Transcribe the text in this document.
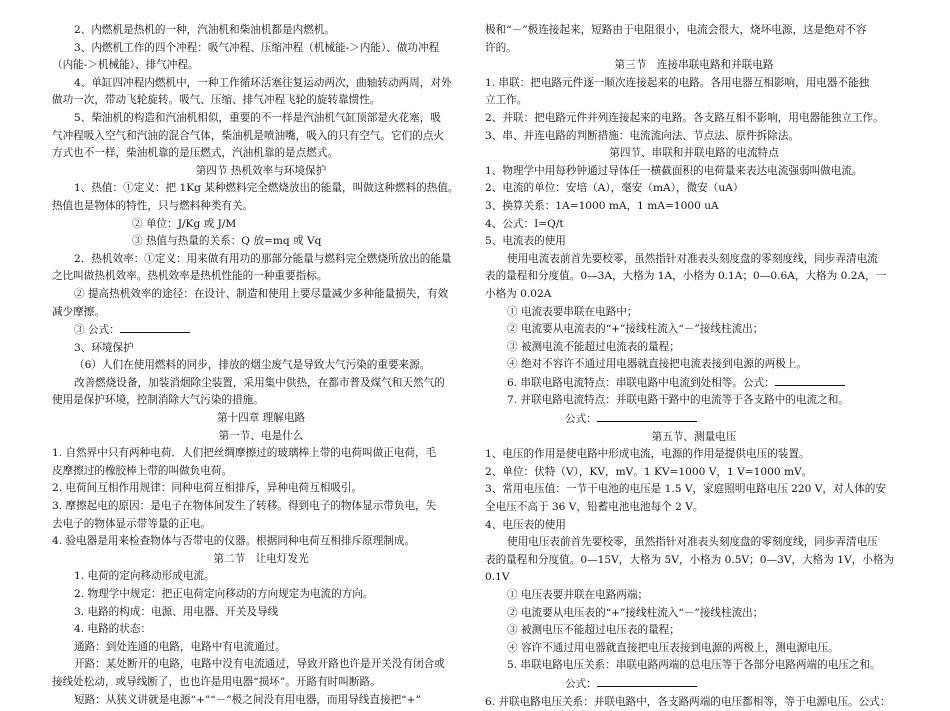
2、内燃机是热机的一种，汽油机和柴油机都是内燃机。

3、内燃机工作的四个冲程：吸气冲程、压缩冲程（机械能-＞内能）、做功冲程

（内能-＞机械能）、排气冲程。

4、单缸四冲程内燃机中，一种工作循环活塞往复运动两次，曲轴转动两周，对外

做功一次，带动飞轮旋转。吸气、压缩、排气冲程飞轮的旋转靠惯性。

5、柴油机的构造和汽油机相似，重要的不一样是汽油机气缸顶部是火花塞，吸

气冲程吸入空气和汽油的混合气体，柴油机是喷油嘴，吸入的只有空气。它们的点火

方式也不一样，柴油机靠的是压燃式，汽油机靠的是点燃式。

第四节 热机效率与环境保护

1、热值：①定义：把 1Kg 某种燃料完全燃烧放出的能量，叫做这种燃料的热值。

热值也是物体的特性，只与燃料种类有关。

② 单位：J/Kg 或 J/M

③ 热值与热量的关系：Q 放=mq 或 Vq

2．热机效率：①定义：用来做有用功的那部分能量与燃料完全燃烧所放出的能量

之比叫做热机效率。热机效率是热机性能的一种重要指标。

② 提高热机效率的途径：在设计、制造和使用上要尽量减少多种能量损失，有效

减少摩擦。

③ 公式：

3、环境保护

（6）人们在使用燃料的同步，排放的烟尘废气是导致大气污染的重要来源。

改善燃烧设备，加装消烟除尘装置，采用集中供热，在都市普及煤气和天然气的

使用是保护环境，控制消除大气污染的措施。

第十四章 理解电路

第一节、电是什么

1. 自然界中只有两种电荷．人们把丝绸摩擦过的玻璃棒上带的电荷叫做正电荷，毛

皮摩擦过的橡胶棒上带的叫做负电荷。

2. 电荷间互相作用规律：同种电荷互相排斥，异种电荷互相吸引。

3. 摩擦起电的原因：是电子在物体间发生了转移。得到电子的物体显示带负电，失

去电子的物体显示带等量的正电。

4. 验电器是用来检查物体与否带电的仪器。根据同种电荷互相排斥原理制成。

第二节　让电灯发光

1. 电荷的定向移动形成电流。

2. 物理学中规定：把正电荷定向移动的方向规定为电流的方向。

3. 电路的构成：电源、用电器、开关及导线

4. 电路的状态：

通路：到处连通的电路，电路中有电流通过。

开路：某处断开的电路，电路中没有电流通过，导致开路也许是开关没有闭合或

接线处松动，或导线断了，也也许是用电器“损坏”。开路有时叫断路。

短路：从狭义讲就是电源“+”“－”极之间没有用电器，而用导线直接把“+”

极和“－”极连接起来，短路由于电阻很小，电流会很大，烧坏电源，这是绝对不容

许的。

第三节　连接串联电路和并联电路

1. 串联：把电路元件逐一顺次连接起来的电路。各用电器互相影响，用电器不能独

立工作。

2、并联：把电路元件并列连接起来的电路。各支路互相不影响，用电器能独立工作。

3、串、并连电路的判断措施：电流流向法、节点法、原件拆除法。

第四节、串联和并联电路的电流特点

1、物理学中用每秒钟通过导体任一横截面积的电荷量来表达电流强弱叫做电流。

2、电流的单位：安培（A），毫安（mA），微安（uA）

3、换算关系：1A=1000 mA，1 mA=1000 uA

4、公式：I=Q/t

5、电流表的使用

使用电流表前首先要校零，虽然指针对准表头刻度盘的零刻度线，同步弄清电流

表的量程和分度值。0—3A，大格为 1A，小格为 0.1A；0—0.6A，大格为 0.2A，一

小格为 0.02A

① 电流表要串联在电路中；

② 电流要从电流表的“+”接线柱流入“－”接线柱流出；

③ 被测电流不能超过电流表的量程；

④ 绝对不容许不通过用电器就直接把电流表接到电源的两极上。

6. 串联电路电流特点：串联电路中电流到处相等。公式：

7. 并联电路电流特点：并联电路干路中的电流等于各支路中的电流之和。

公式：

第五节、测量电压

1、电压的作用是使电路中形成电流，电源的作用是提供电压的装置。

2、单位：伏特（V），KV，mV。1 KV=1000 V，1 V=1000 mV。

3、常用电压值：一节干电池的电压是 1.5 V，家庭照明电路电压 220 V，对人体的安

全电压不高于 36 V，铅蓄电池电池每个 2 V。

4、电压表的使用

使用电压表前首先要校零，虽然指针对准表头刻度盘的零刻度线，同步弄清电压

表的量程和分度值。0—15V，大格为 5V，小格为 0.5V；0—3V，大格为 1V，小格为

0.1V

① 电压表要并联在电路两端；

② 电流要从电压表的“+”接线柱流入“－”接线柱流出；

③ 被测电压不能超过电压表的量程；

④ 容许不通过用电器就直接把电压表接到电源的两极上，测电源电压。

5. 串联电路电压关系：串联电路两端的总电压等于各部分电路两端的电压之和。

公式：

6. 并联电路电压关系：并联电路中，各支路两端的电压都相等，等于电源电压。公式：
